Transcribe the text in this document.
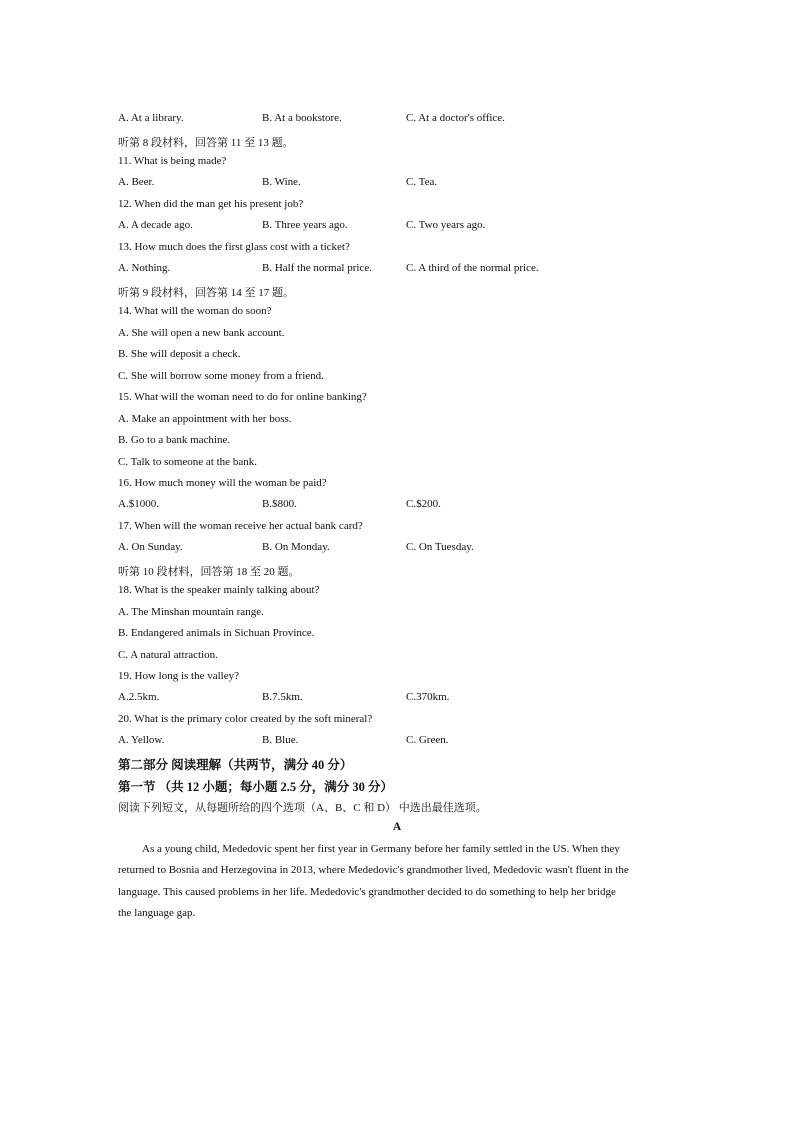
A. At a library.	B. At a bookstore.	C. At a doctor's office.
听第 8 段材料，回答第 11 至 13 题。
11. What is being made?
A. Beer.	B. Wine.	C. Tea.
12. When did the man get his present job?
A. A decade ago.	B. Three years ago.	C. Two years ago.
13. How much does the first glass cost with a ticket?
A. Nothing.	B. Half the normal price.	C. A third of the normal price.
听第 9 段材料，回答第 14 至 17 题。
14. What will the woman do soon?
A. She will open a new bank account.
B. She will deposit a check.
C. She will borrow some money from a friend.
15. What will the woman need to do for online banking?
A. Make an appointment with her boss.
B. Go to a bank machine.
C. Talk to someone at the bank.
16. How much money will the woman be paid?
A.$1000.	B.$800.	C.$200.
17. When will the woman receive her actual bank card?
A. On Sunday.	B. On Monday.	C. On Tuesday.
听第 10 段材料，回答第 18 至 20 题。
18. What is the speaker mainly talking about?
A. The Minshan mountain range.
B. Endangered animals in Sichuan Province.
C. A natural attraction.
19. How long is the valley?
A.2.5km.	B.7.5km.	C.370km.
20. What is the primary color created by the soft mineral?
A. Yellow.	B. Blue.	C. Green.
第二部分 阅读理解（共两节，满分 40 分）
第一节 （共 12 小题；每小题 2.5 分，满分 30 分）
阅读下列短文，从每题所给的四个选项（A、B、C 和 D） 中选出最佳选项。
A
As a young child, Mededovic spent her first year in Germany before her family settled in the US. When they
returned to Bosnia and Herzegovina in 2013, where Mededovic's grandmother lived, Mededovic wasn't fluent in the
language. This caused problems in her life. Mededovic's grandmother decided to do something to help her bridge
the language gap.
